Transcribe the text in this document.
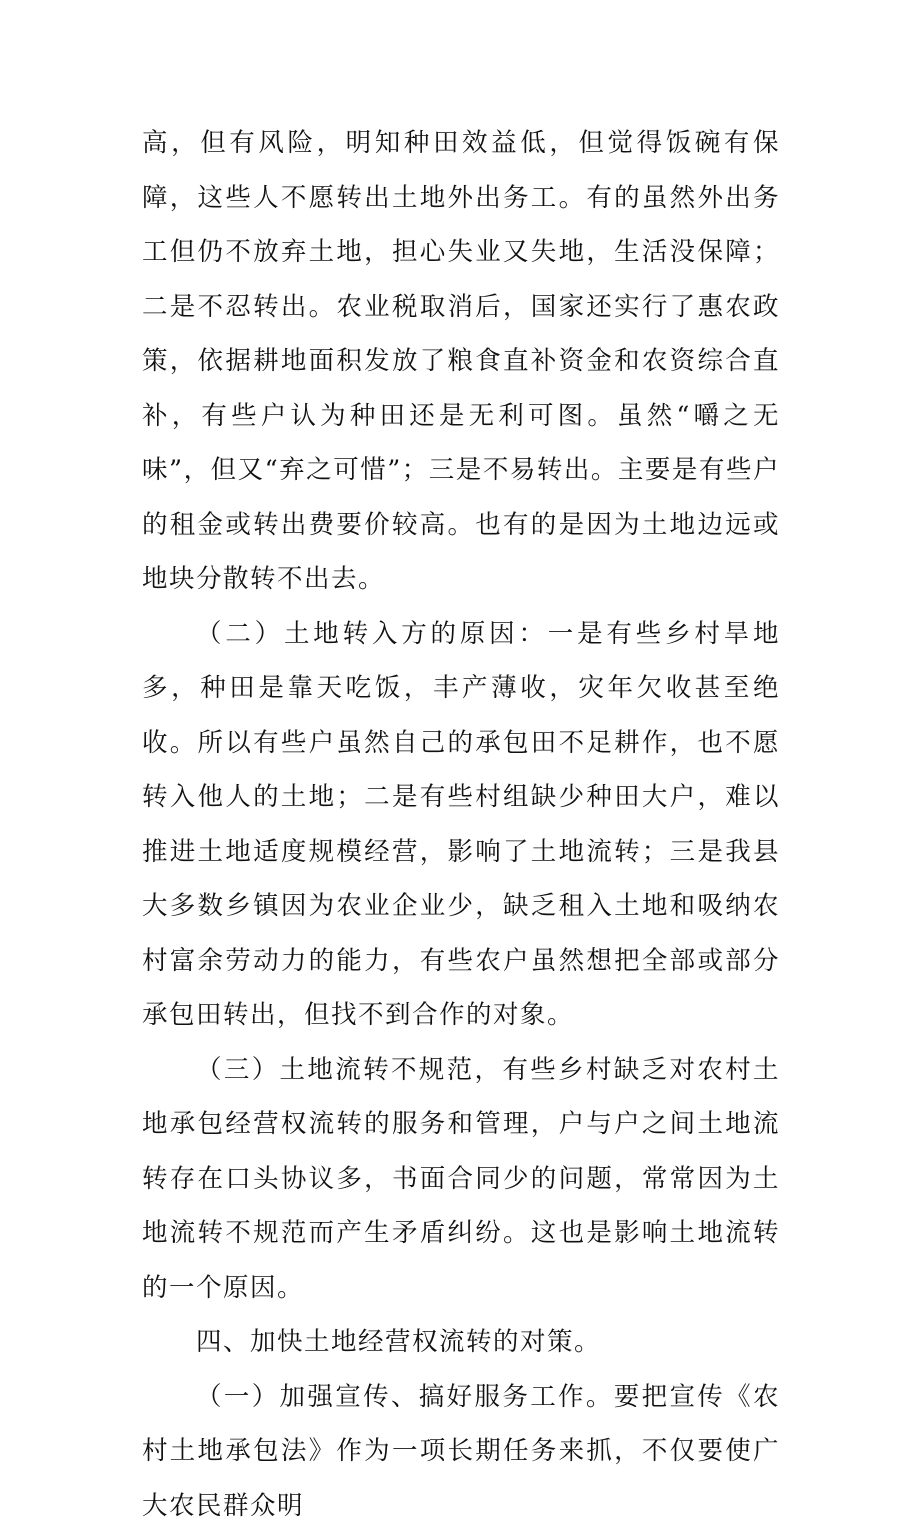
高，但有风险，明知种田效益低，但觉得饭碗有保障，这些人不愿转出土地外出务工。有的虽然外出务工但仍不放弃土地，担心失业又失地，生活没保障；二是不忍转出。农业税取消后，国家还实行了惠农政策，依据耕地面积发放了粮食直补资金和农资综合直补，有些户认为种田还是无利可图。虽然“嚼之无味”，但又“弃之可惜”；三是不易转出。主要是有些户的租金或转出费要价较高。也有的是因为土地边远或地块分散转不出去。

（二）土地转入方的原因：一是有些乡村旱地多，种田是靠天吃饭，丰产薄收，灾年欠收甚至绝收。所以有些户虽然自己的承包田不足耕作，也不愿转入他人的土地；二是有些村组缺少种田大户，难以推进土地适度规模经营，影响了土地流转；三是我县大多数乡镇因为农业企业少，缺乏租入土地和吸纳农村富余劳动力的能力，有些农户虽然想把全部或部分承包田转出，但找不到合作的对象。

（三）土地流转不规范，有些乡村缺乏对农村土地承包经营权流转的服务和管理，户与户之间土地流转存在口头协议多，书面合同少的问题，常常因为土地流转不规范而产生矛盾纠纷。这也是影响土地流转的一个原因。

四、加快土地经营权流转的对策。

（一）加强宣传、搞好服务工作。要把宣传《农村土地承包法》作为一项长期任务来抓，不仅要使广大农民群众明
